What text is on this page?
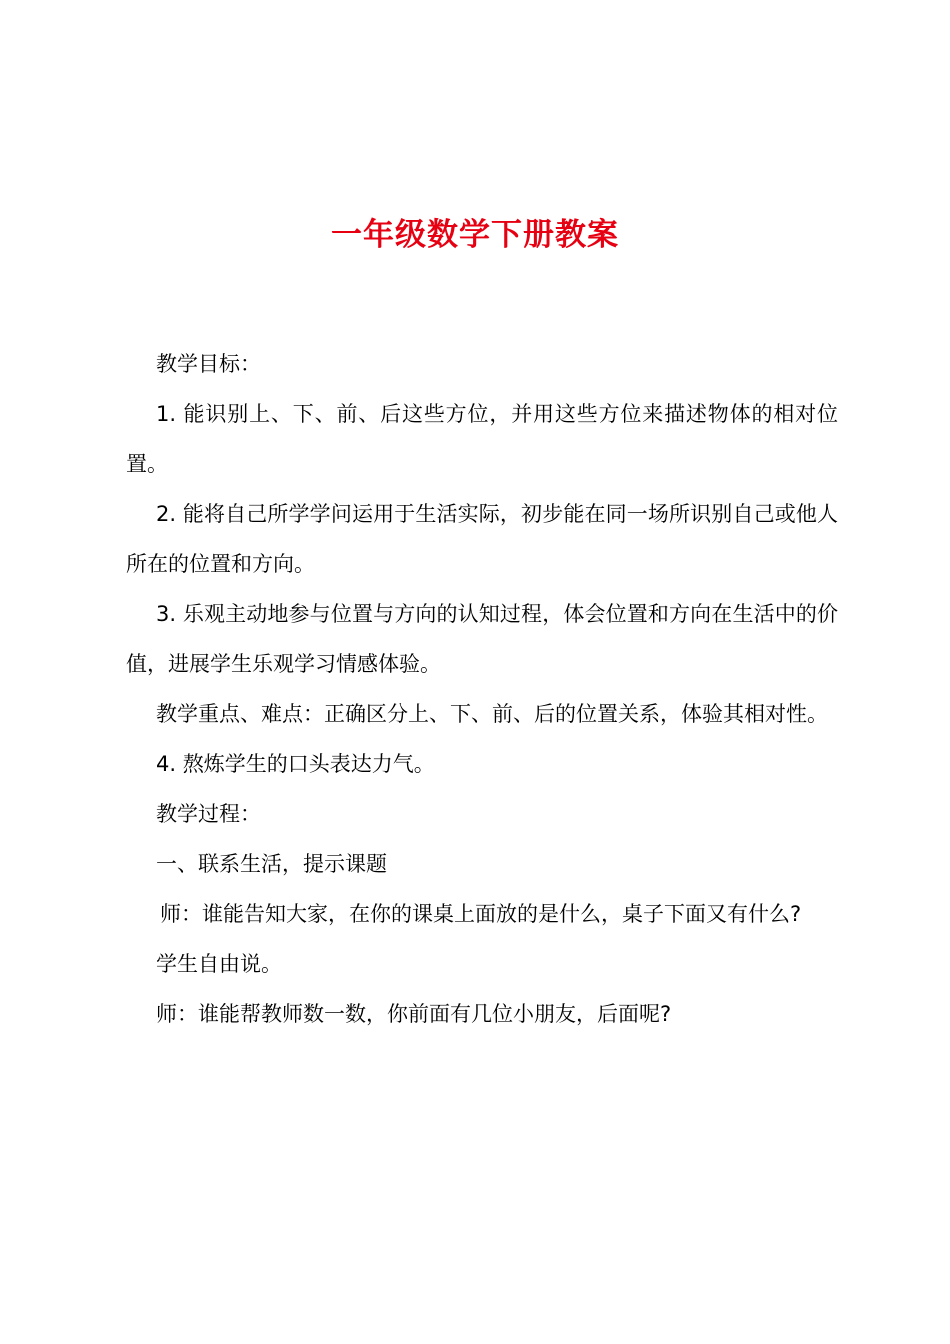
一年级数学下册教案

教学目标：

1. 能识别上、下、前、后这些方位，并用这些方位来描述物体的相对位置。

2. 能将自己所学学问运用于生活实际，初步能在同一场所识别自己或他人所在的位置和方向。

3. 乐观主动地参与位置与方向的认知过程，体会位置和方向在生活中的价值，进展学生乐观学习情感体验。

教学重点、难点：正确区分上、下、前、后的位置关系，体验其相对性。

4. 熬炼学生的口头表达力气。

教学过程：

一、联系生活，提示课题

师：谁能告知大家，在你的课桌上面放的是什么，桌子下面又有什么?

学生自由说。

师：谁能帮教师数一数，你前面有几位小朋友，后面呢?
